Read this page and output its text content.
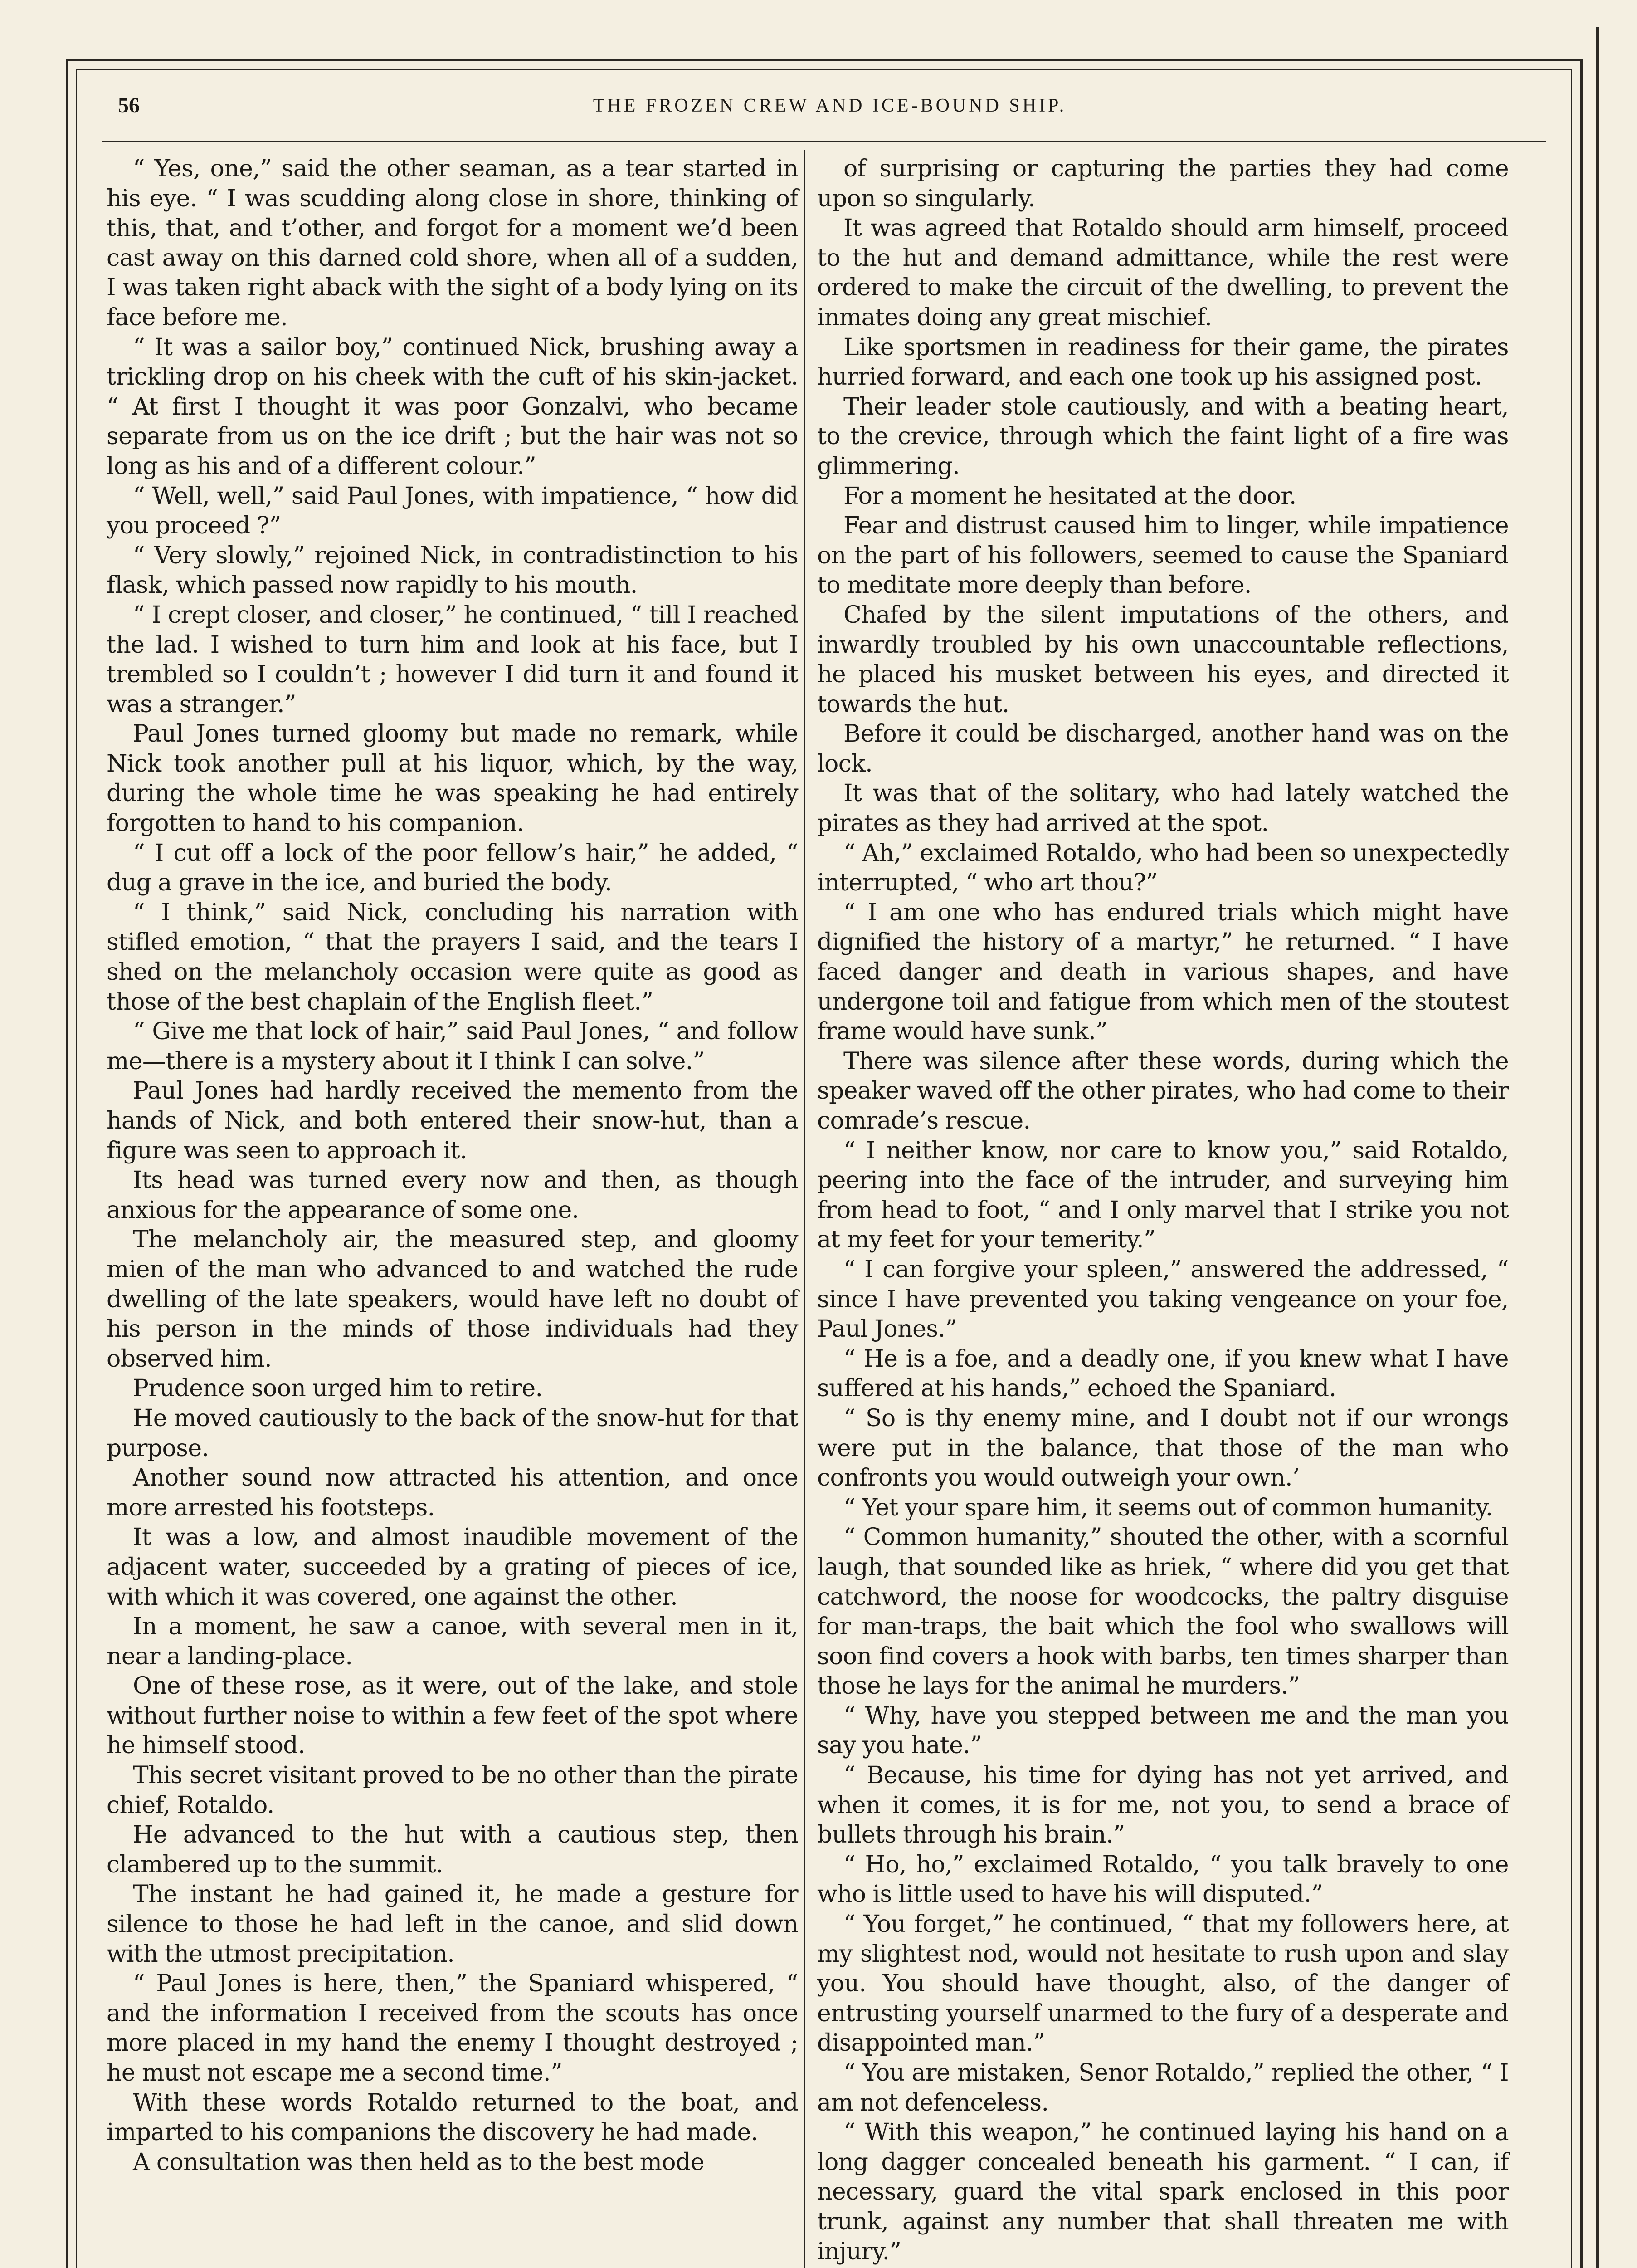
56	THE FROZEN CREW AND ICE-BOUND SHIP.

“ Yes, one,” said the other seaman, as a tear started in his eye. “ I was scudding along close in shore, thinking of this, that, and t’other, and forgot for a moment we’d been cast away on this darned cold shore, when all of a sudden, I was taken right aback with the sight of a body lying on its face before me.

“ It was a sailor boy,” continued Nick, brushing away a trickling drop on his cheek with the cuft of his skin-jacket. “ At first I thought it was poor Gonzalvi, who became separate from us on the ice drift ; but the hair was not so long as his and of a different colour.”

“ Well, well,” said Paul Jones, with impatience, “ how did you proceed ?”

“ Very slowly,” rejoined Nick, in contradistinction to his flask, which passed now rapidly to his mouth.

“ I crept closer, and closer,” he continued, “ till I reached the lad. I wished to turn him and look at his face, but I trembled so I couldn’t ; however I did turn it and found it was a stranger.”

Paul Jones turned gloomy but made no remark, while Nick took another pull at his liquor, which, by the way, during the whole time he was speaking he had entirely forgotten to hand to his companion.

“ I cut off a lock of the poor fellow’s hair,” he added, “ dug a grave in the ice, and buried the body.

“ I think,” said Nick, concluding his narration with stifled emotion, “ that the prayers I said, and the tears I shed on the melancholy occasion were quite as good as those of the best chaplain of the English fleet.”

“ Give me that lock of hair,” said Paul Jones, “ and follow me—there is a mystery about it I think I can solve.”

Paul Jones had hardly received the memento from the hands of Nick, and both entered their snow-hut, than a figure was seen to approach it.

Its head was turned every now and then, as though anxious for the appearance of some one.

The melancholy air, the measured step, and gloomy mien of the man who advanced to and watched the rude dwelling of the late speakers, would have left no doubt of his person in the minds of those individuals had they observed him.

Prudence soon urged him to retire.

He moved cautiously to the back of the snow-hut for that purpose.

Another sound now attracted his attention, and once more arrested his footsteps.

It was a low, and almost inaudible movement of the adjacent water, succeeded by a grating of pieces of ice, with which it was covered, one against the other.

In a moment, he saw a canoe, with several men in it, near a landing-place.

One of these rose, as it were, out of the lake, and stole without further noise to within a few feet of the spot where he himself stood.

This secret visitant proved to be no other than the pirate chief, Rotaldo.

He advanced to the hut with a cautious step, then clambered up to the summit.

The instant he had gained it, he made a gesture for silence to those he had left in the canoe, and slid down with the utmost precipitation.

“ Paul Jones is here, then,” the Spaniard whispered, “ and the information I received from the scouts has once more placed in my hand the enemy I thought destroyed ; he must not escape me a second time.”

With these words Rotaldo returned to the boat, and imparted to his companions the discovery he had made.

A consultation was then held as to the best mode

of surprising or capturing the parties they had come upon so singularly.

It was agreed that Rotaldo should arm himself, proceed to the hut and demand admittance, while the rest were ordered to make the circuit of the dwelling, to prevent the inmates doing any great mischief.

Like sportsmen in readiness for their game, the pirates hurried forward, and each one took up his assigned post.

Their leader stole cautiously, and with a beating heart, to the crevice, through which the faint light of a fire was glimmering.

For a moment he hesitated at the door.

Fear and distrust caused him to linger, while impatience on the part of his followers, seemed to cause the Spaniard to meditate more deeply than before.

Chafed by the silent imputations of the others, and inwardly troubled by his own unaccountable reflections, he placed his musket between his eyes, and directed it towards the hut.

Before it could be discharged, another hand was on the lock.

It was that of the solitary, who had lately watched the pirates as they had arrived at the spot.

“ Ah,” exclaimed Rotaldo, who had been so unexpectedly interrupted, “ who art thou?”

“ I am one who has endured trials which might have dignified the history of a martyr,” he returned. “ I have faced danger and death in various shapes, and have undergone toil and fatigue from which men of the stoutest frame would have sunk.”

There was silence after these words, during which the speaker waved off the other pirates, who had come to their comrade’s rescue.

“ I neither know, nor care to know you,” said Rotaldo, peering into the face of the intruder, and surveying him from head to foot, “ and I only marvel that I strike you not at my feet for your temerity.”

“ I can forgive your spleen,” answered the addressed, “ since I have prevented you taking vengeance on your foe, Paul Jones.”

“ He is a foe, and a deadly one, if you knew what I have suffered at his hands,” echoed the Spaniard.

“ So is thy enemy mine, and I doubt not if our wrongs were put in the balance, that those of the man who confronts you would outweigh your own.’

“ Yet your spare him, it seems out of common humanity.

“ Common humanity,” shouted the other, with a scornful laugh, that sounded like as hriek, “ where did you get that catchword, the noose for woodcocks, the paltry disguise for man-traps, the bait which the fool who swallows will soon find covers a hook with barbs, ten times sharper than those he lays for the animal he murders.”

“ Why, have you stepped between me and the man you say you hate.”

“ Because, his time for dying has not yet arrived, and when it comes, it is for me, not you, to send a brace of bullets through his brain.”

“ Ho, ho,” exclaimed Rotaldo, “ you talk bravely to one who is little used to have his will disputed.”

“ You forget,” he continued, “ that my followers here, at my slightest nod, would not hesitate to rush upon and slay you. You should have thought, also, of the danger of entrusting yourself unarmed to the fury of a desperate and disappointed man.”

“ You are mistaken, Senor Rotaldo,” replied the other, “ I am not defenceless.

“ With this weapon,” he continued laying his hand on a long dagger concealed beneath his garment. “ I can, if necessary, guard the vital spark enclosed in this poor trunk, against any number that shall threaten me with injury.”
